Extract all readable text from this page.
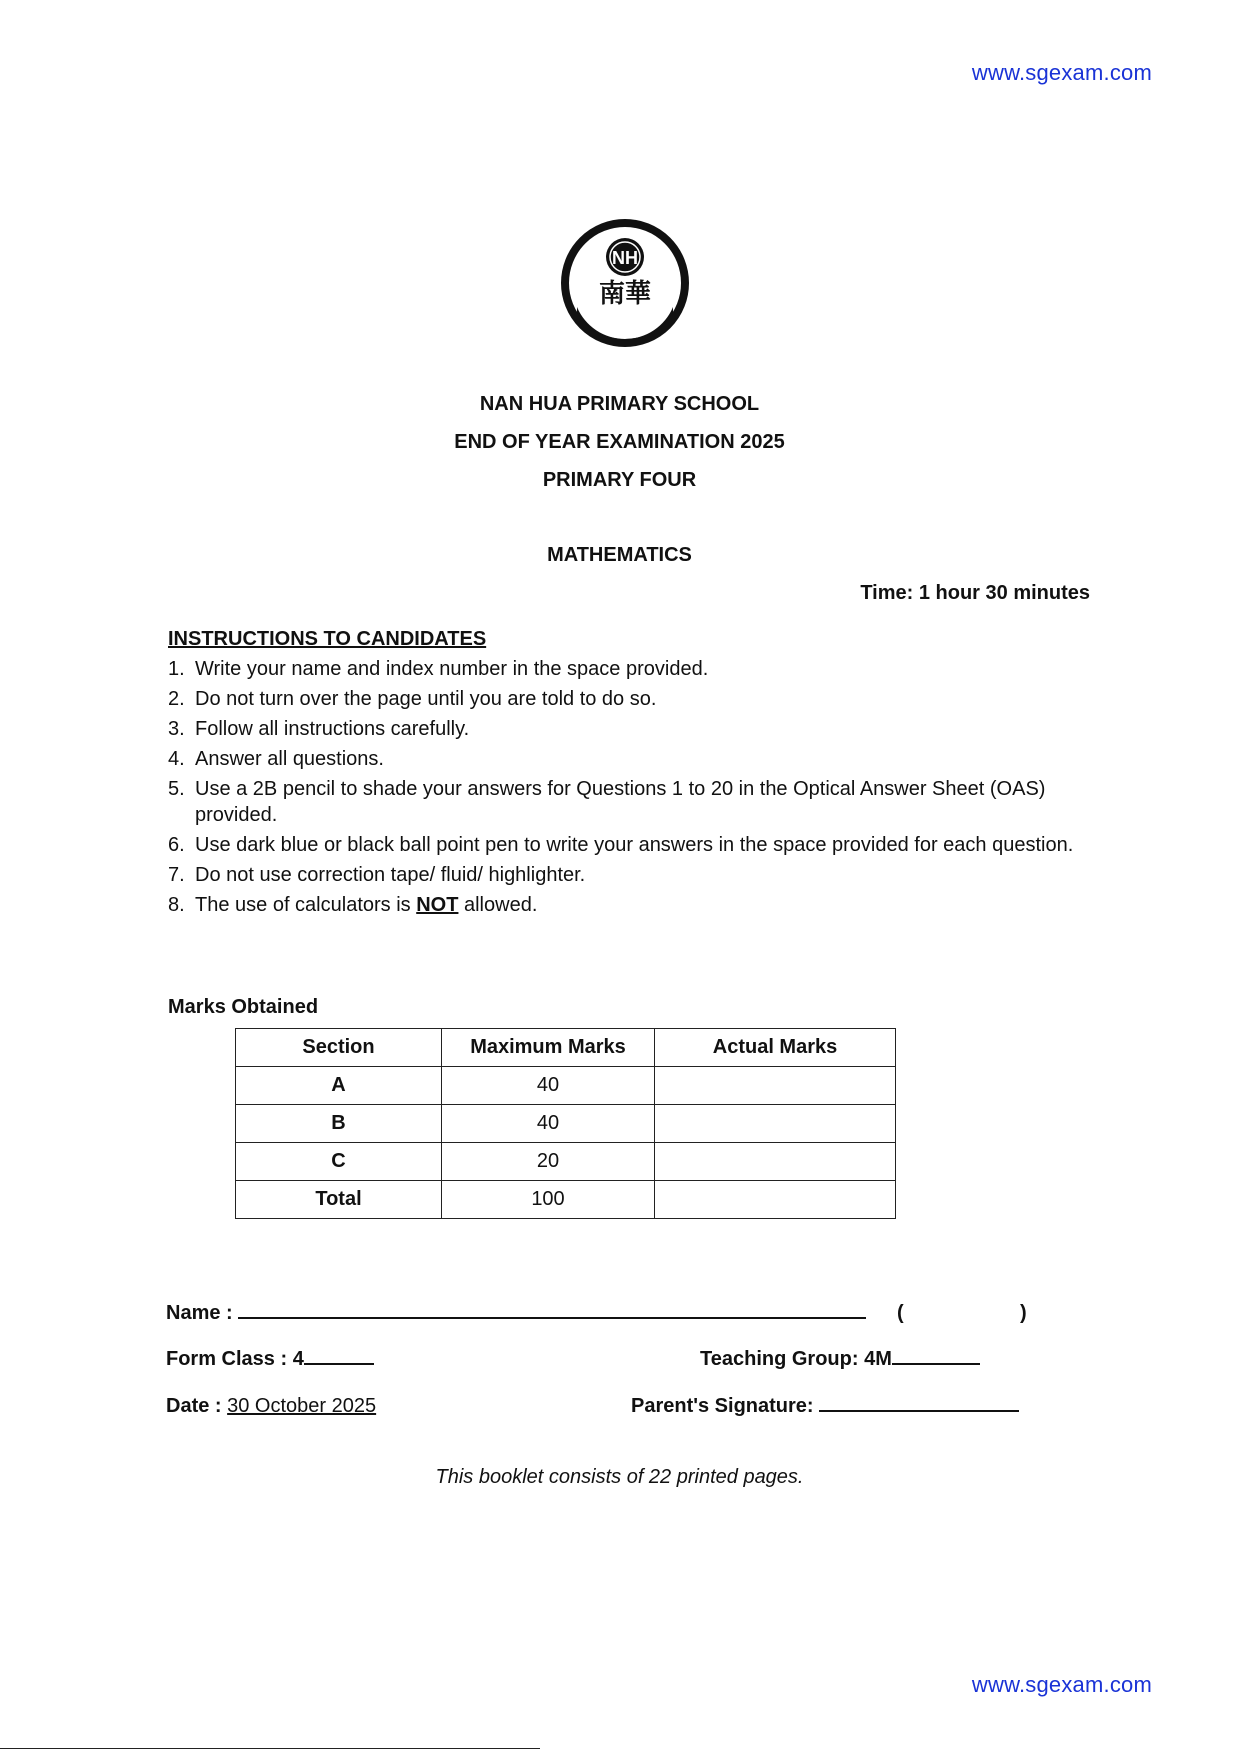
www.sgexam.com
NH
南華
NAN HUA PRIMARY SCHOOL
END OF YEAR EXAMINATION 2025
PRIMARY FOUR
MATHEMATICS
Time: 1 hour 30 minutes
INSTRUCTIONS TO CANDIDATES
1. Write your name and index number in the space provided.
2. Do not turn over the page until you are told to do so.
3. Follow all instructions carefully.
4. Answer all questions.
5. Use a 2B pencil to shade your answers for Questions 1 to 20 in the Optical Answer Sheet (OAS) provided.
6. Use dark blue or black ball point pen to write your answers in the space provided for each question.
7. Do not use correction tape/ fluid/ highlighter.
8. The use of calculators is NOT allowed.
Marks Obtained
Section	Maximum Marks	Actual Marks
A	40	
B	40	
C	20	
Total	100	
Name :	(	)
Form Class : 4	Teaching Group: 4M
Date : 30 October 2025	Parent's Signature:
This booklet consists of 22 printed pages.
www.sgexam.com
